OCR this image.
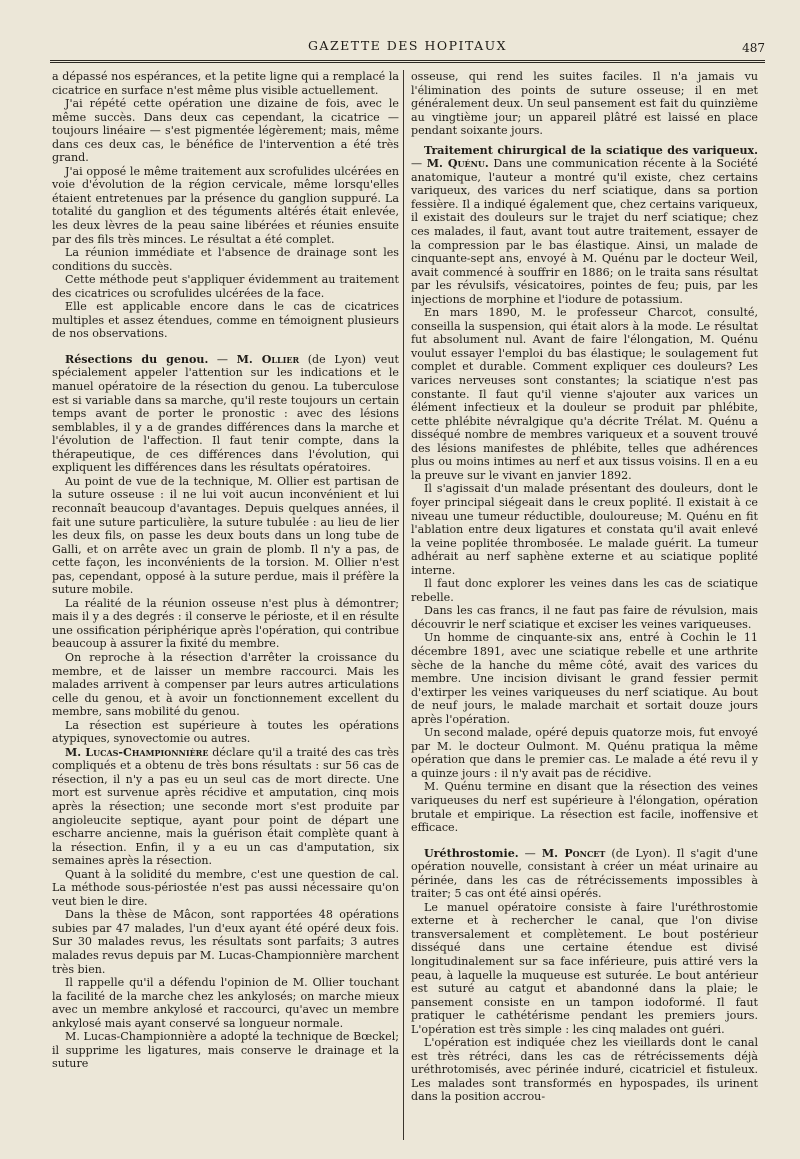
GAZETTE DES HOPITAUX	487

a dépassé nos espérances, et la petite ligne qui a remplacé la cicatrice en surface n'est même plus visible actuellement.

J'ai répété cette opération une dizaine de fois, avec le même succès. Dans deux cas cependant, la cicatrice — toujours linéaire — s'est pigmentée légèrement; mais, même dans ces deux cas, le bénéfice de l'intervention a été très grand.

J'ai opposé le même traitement aux scrofulides ulcérées en voie d'évolution de la région cervicale, même lorsqu'elles étaient entretenues par la présence du ganglion suppuré. La totalité du ganglion et des téguments altérés était enlevée, les deux lèvres de la peau saine libérées et réunies ensuite par des fils très minces. Le résultat a été complet.

La réunion immédiate et l'absence de drainage sont les conditions du succès.

Cette méthode peut s'appliquer évidemment au traitement des cicatrices ou scrofulides ulcérées de la face.

Elle est applicable encore dans le cas de cicatrices multiples et assez étendues, comme en témoignent plusieurs de nos observations.

Résections du genou. — M. Ollier (de Lyon) veut spécialement appeler l'attention sur les indications et le manuel opératoire de la résection du genou. La tuberculose est si variable dans sa marche, qu'il reste toujours un certain temps avant de porter le pronostic : avec des lésions semblables, il y a de grandes différences dans la marche et l'évolution de l'affection. Il faut tenir compte, dans la thérapeutique, de ces différences dans l'évolution, qui expliquent les différences dans les résultats opératoires.

Au point de vue de la technique, M. Ollier est partisan de la suture osseuse : il ne lui voit aucun inconvénient et lui reconnaît beaucoup d'avantages. Depuis quelques années, il fait une suture particulière, la suture tubulée : au lieu de lier les deux fils, on passe les deux bouts dans un long tube de Galli, et on arrête avec un grain de plomb. Il n'y a pas, de cette façon, les inconvénients de la torsion. M. Ollier n'est pas, cependant, opposé à la suture perdue, mais il préfère la suture mobile.

La réalité de la réunion osseuse n'est plus à démontrer; mais il y a des degrés : il conserve le périoste, et il en résulte une ossification périphérique après l'opération, qui contribue beaucoup à assurer la fixité du membre.

On reproche à la résection d'arrêter la croissance du membre, et de laisser un membre raccourci. Mais les malades arrivent à compenser par leurs autres articulations celle du genou, et à avoir un fonctionnement excellent du membre, sans mobilité du genou.

La résection est supérieure à toutes les opérations atypiques, synovectomie ou autres.

M. Lucas-Championnière déclare qu'il a traité des cas très compliqués et a obtenu de très bons résultats : sur 56 cas de résection, il n'y a pas eu un seul cas de mort directe. Une mort est survenue après récidive et amputation, cinq mois après la résection; une seconde mort s'est produite par angioleucite septique, ayant pour point de départ une escharre ancienne, mais la guérison était complète quant à la résection. Enfin, il y a eu un cas d'amputation, six semaines après la résection.

Quant à la solidité du membre, c'est une question de cal. La méthode sous-périostée n'est pas aussi nécessaire qu'on veut bien le dire.

Dans la thèse de Mâcon, sont rapportées 48 opérations subies par 47 malades, l'un d'eux ayant été opéré deux fois. Sur 30 malades revus, les résultats sont parfaits; 3 autres malades revus depuis par M. Lucas-Championnière marchent très bien.

Il rappelle qu'il a défendu l'opinion de M. Ollier touchant la facilité de la marche chez les ankylosés; on marche mieux avec un membre ankylosé et raccourci, qu'avec un membre ankylosé mais ayant conservé sa longueur normale.

M. Lucas-Championnière a adopté la technique de Bœckel; il supprime les ligatures, mais conserve le drainage et la suture

osseuse, qui rend les suites faciles. Il n'a jamais vu l'élimination des points de suture osseuse; il en met généralement deux. Un seul pansement est fait du quinzième au vingtième jour; un appareil plâtré est laissé en place pendant soixante jours.

Traitement chirurgical de la sciatique des variqueux. — M. Quénu. Dans une communication récente à la Société anatomique, l'auteur a montré qu'il existe, chez certains variqueux, des varices du nerf sciatique, dans sa portion fessière. Il a indiqué également que, chez certains variqueux, il existait des douleurs sur le trajet du nerf sciatique; chez ces malades, il faut, avant tout autre traitement, essayer de la compression par le bas élastique. Ainsi, un malade de cinquante-sept ans, envoyé à M. Quénu par le docteur Weil, avait commencé à souffrir en 1886; on le traita sans résultat par les révulsifs, vésicatoires, pointes de feu; puis, par les injections de morphine et l'iodure de potassium.

En mars 1890, M. le professeur Charcot, consulté, conseilla la suspension, qui était alors à la mode. Le résultat fut absolument nul. Avant de faire l'élongation, M. Quénu voulut essayer l'emploi du bas élastique; le soulagement fut complet et durable. Comment expliquer ces douleurs? Les varices nerveuses sont constantes; la sciatique n'est pas constante. Il faut qu'il vienne s'ajouter aux varices un élément infectieux et la douleur se produit par phlébite, cette phlébite névralgique qu'a décrite Trélat. M. Quénu a disséqué nombre de membres variqueux et a souvent trouvé des lésions manifestes de phlébite, telles que adhérences plus ou moins intimes au nerf et aux tissus voisins. Il en a eu la preuve sur le vivant en janvier 1892.

Il s'agissait d'un malade présentant des douleurs, dont le foyer principal siégeait dans le creux poplité. Il existait à ce niveau une tumeur réductible, douloureuse; M. Quénu en fit l'ablation entre deux ligatures et constata qu'il avait enlevé la veine poplitée thrombosée. Le malade guérit. La tumeur adhérait au nerf saphène externe et au sciatique poplité interne.

Il faut donc explorer les veines dans les cas de sciatique rebelle.

Dans les cas francs, il ne faut pas faire de révulsion, mais découvrir le nerf sciatique et exciser les veines variqueuses.

Un homme de cinquante-six ans, entré à Cochin le 11 décembre 1891, avec une sciatique rebelle et une arthrite sèche de la hanche du même côté, avait des varices du membre. Une incision divisant le grand fessier permit d'extirper les veines variqueuses du nerf sciatique. Au bout de neuf jours, le malade marchait et sortait douze jours après l'opération.

Un second malade, opéré depuis quatorze mois, fut envoyé par M. le docteur Oulmont. M. Quénu pratiqua la même opération que dans le premier cas. Le malade a été revu il y a quinze jours : il n'y avait pas de récidive.

M. Quénu termine en disant que la résection des veines variqueuses du nerf est supérieure à l'élongation, opération brutale et empirique. La résection est facile, inoffensive et efficace.

Uréthrostomie. — M. Poncet (de Lyon). Il s'agit d'une opération nouvelle, consistant à créer un méat urinaire au périnée, dans les cas de rétrécissements impossibles à traiter; 5 cas ont été ainsi opérés.

Le manuel opératoire consiste à faire l'uréthrostomie externe et à rechercher le canal, que l'on divise transversalement et complètement. Le bout postérieur disséqué dans une certaine étendue est divisé longitudinalement sur sa face inférieure, puis attiré vers la peau, à laquelle la muqueuse est suturée. Le bout antérieur est suturé au catgut et abandonné dans la plaie; le pansement consiste en un tampon iodoformé. Il faut pratiquer le cathétérisme pendant les premiers jours. L'opération est très simple : les cinq malades ont guéri.

L'opération est indiquée chez les vieillards dont le canal est très rétréci, dans les cas de rétrécissements déjà uréthrotomisés, avec périnée induré, cicatriciel et fistuleux. Les malades sont transformés en hypospades, ils urinent dans la position accrou-
